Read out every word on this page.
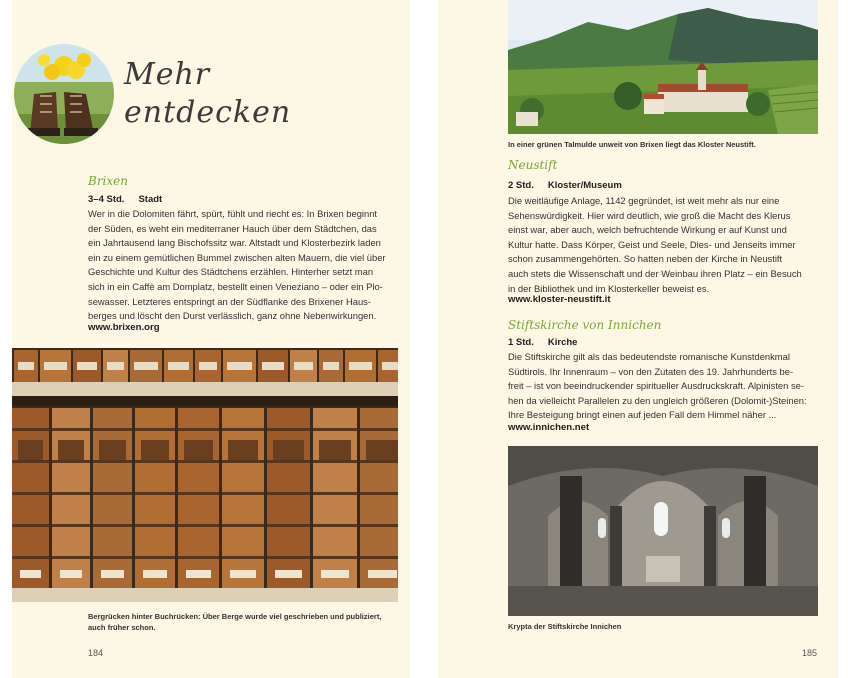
Mehr
entdecken
Brixen
3–4 Std. Stadt
Wer in die Dolomiten fährt, spürt, fühlt und riecht es: In Brixen beginnt
der Süden, es weht ein mediterraner Hauch über dem Städtchen, das
ein Jahrtausend lang Bischofssitz war. Altstadt und Klosterbezirk laden
ein zu einem gemütlichen Bummel zwischen alten Mauern, die viel über
Geschichte und Kultur des Städtchens erzählen. Hinterher setzt man
sich in ein Caffè am Domplatz, bestellt einen Veneziano – oder ein Plo-
sewasser. Letzteres entspringt an der Südflanke des Brixener Haus-
berges und löscht den Durst verlässlich, ganz ohne Nebenwirkungen.
www.brixen.org
Bergrücken hinter Buchrücken: Über Berge wurde viel geschrieben und publiziert,
auch früher schon.
184
In einer grünen Talmulde unweit von Brixen liegt das Kloster Neustift.
Neustift
2 Std. Kloster/Museum
Die weitläufige Anlage, 1142 gegründet, ist weit mehr als nur eine
Sehenswürdigkeit. Hier wird deutlich, wie groß die Macht des Klerus
einst war, aber auch, welch befruchtende Wirkung er auf Kunst und
Kultur hatte. Dass Körper, Geist und Seele, Dies- und Jenseits immer
schon zusammengehörten. So hatten neben der Kirche in Neustift
auch stets die Wissenschaft und der Weinbau ihren Platz – ein Besuch
in der Bibliothek und im Klosterkeller beweist es.
www.kloster-neustift.it
Stiftskirche von Innichen
1 Std. Kirche
Die Stiftskirche gilt als das bedeutendste romanische Kunstdenkmal
Südtirols. Ihr Innenraum – von den Zutaten des 19. Jahrhunderts be-
freit – ist von beeindruckender spiritueller Ausdruckskraft. Alpinisten se-
hen da vielleicht Parallelen zu den ungleich größeren (Dolomit-)Steinen:
Ihre Besteigung bringt einen auf jeden Fall dem Himmel näher ...
www.innichen.net
Krypta der Stiftskirche Innichen
185
